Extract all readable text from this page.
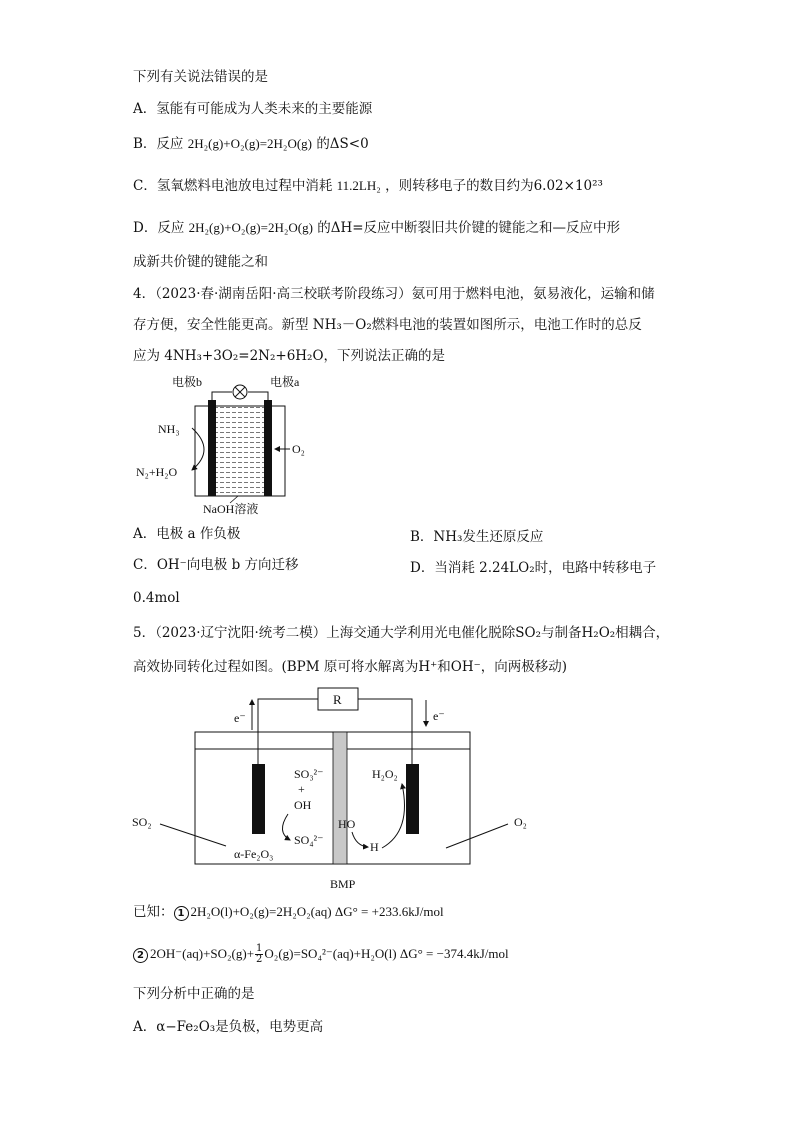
下列有关说法错误的是
A．氢能有可能成为人类未来的主要能源
B．反应 2H₂(g)+O₂(g)=2H₂O(g) 的ΔS<0
C．氢氧燃料电池放电过程中消耗 11.2LH₂ ，则转移电子的数目约为6.02×10²³
D．反应 2H₂(g)+O₂(g)=2H₂O(g) 的ΔH=反应中断裂旧共价键的键能之和—反应中形
成新共价键的键能之和
4．（2023·春·湖南岳阳·高三校联考阶段练习）氨可用于燃料电池，氨易液化，运输和储
存方便，安全性能更高。新型 NH₃－O₂燃料电池的装置如图所示，电池工作时的总反
应为 4NH₃+3O₂=2N₂+6H₂O，下列说法正确的是
电极b	电极a
NH₃
N₂+H₂O
O₂
NaOH溶液
A．电极 a 作负极	B．NH₃发生还原反应
C．OH⁻向电极 b 方向迁移	D．当消耗 2.24LO₂时，电路中转移电子
0.4mol
5．（2023·辽宁沈阳·统考二模）上海交通大学利用光电催化脱除SO₂与制备H₂O₂相耦合，
高效协同转化过程如图。(BPM 原可将水解离为H⁺和OH⁻，向两极移动)
R
e⁻	e⁻
SO₃²⁻
+
OH
SO₄²⁻
H₂O₂
HO
H
SO₂	O₂
α-Fe₂O₃
BMP
已知： 1 2H₂O(l)+O₂(g)=2H₂O₂(aq) ΔG° = +233.6kJ/mol
2 $2OH^-(aq)+SO_2(g)+ \frac{1}{2} O_2(g)=SO_4^{2-}(aq)+H_2O(l) \Delta G^\circ = -374.4kJ/mol$
下列分析中正确的是
A．α−Fe₂O₃是负极，电势更高
